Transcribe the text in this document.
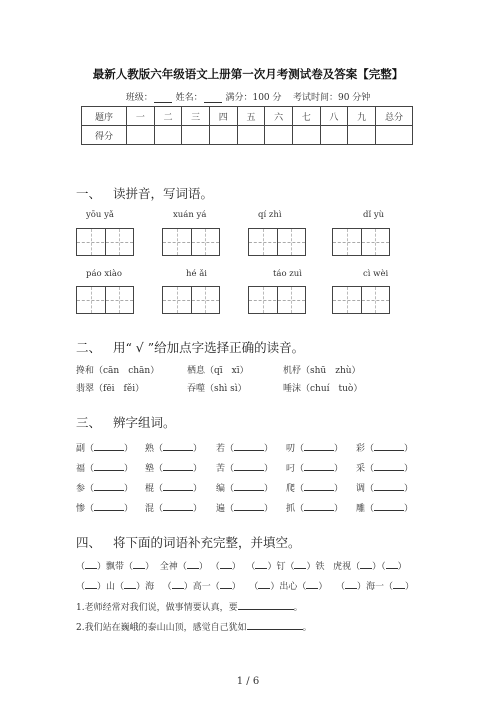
最新人教版六年级语文上册第一次月考测试卷及答案【完整】
班级：	姓名：	满分：100 分 考试时间：90 分钟
题序	一	二	三	四	五	六	七	八	九	总分
得分										
一、 读拼音，写词语。
yōu yǎ	xuán yá	qí zhì	dǐ yù
páo xiào	hé ǎi	táo zuì	cì wèi
二、 用“ √ ”给加点字选择正确的读音。
搀和（cān　chān）	栖息（qī　xī）	机杼（shū　zhù）
翡翠（fēi　fěi）	吞噬（shì sì）	唾沫（chuí　tuò）
三、 辨字组词。
副（	） 熟（	） 若（	） 叨（	） 彩（	）
福（	） 塾（	） 苦（	） 叼（	） 采（	）
参（	） 棍（	） 编（	） 爬（	） 调（	）
惨（	） 混（	） 遍（	） 抓（	） 雕（	）
四、 将下面的词语补充完整，并填空。
（ ）飘带（ ）  全神（ ） （ ）  （ ）钉（ ）铁 虎视（ ）（ ）
（ ）山（ ）海   （ ）高一（ ）   （ ）出心（ ）   （ ）海一（ ）
1.老师经常对我们说，做事情要认真，要	。
2.我们站在巍峨的泰山山顶，感觉自己犹如	。
1 / 6
